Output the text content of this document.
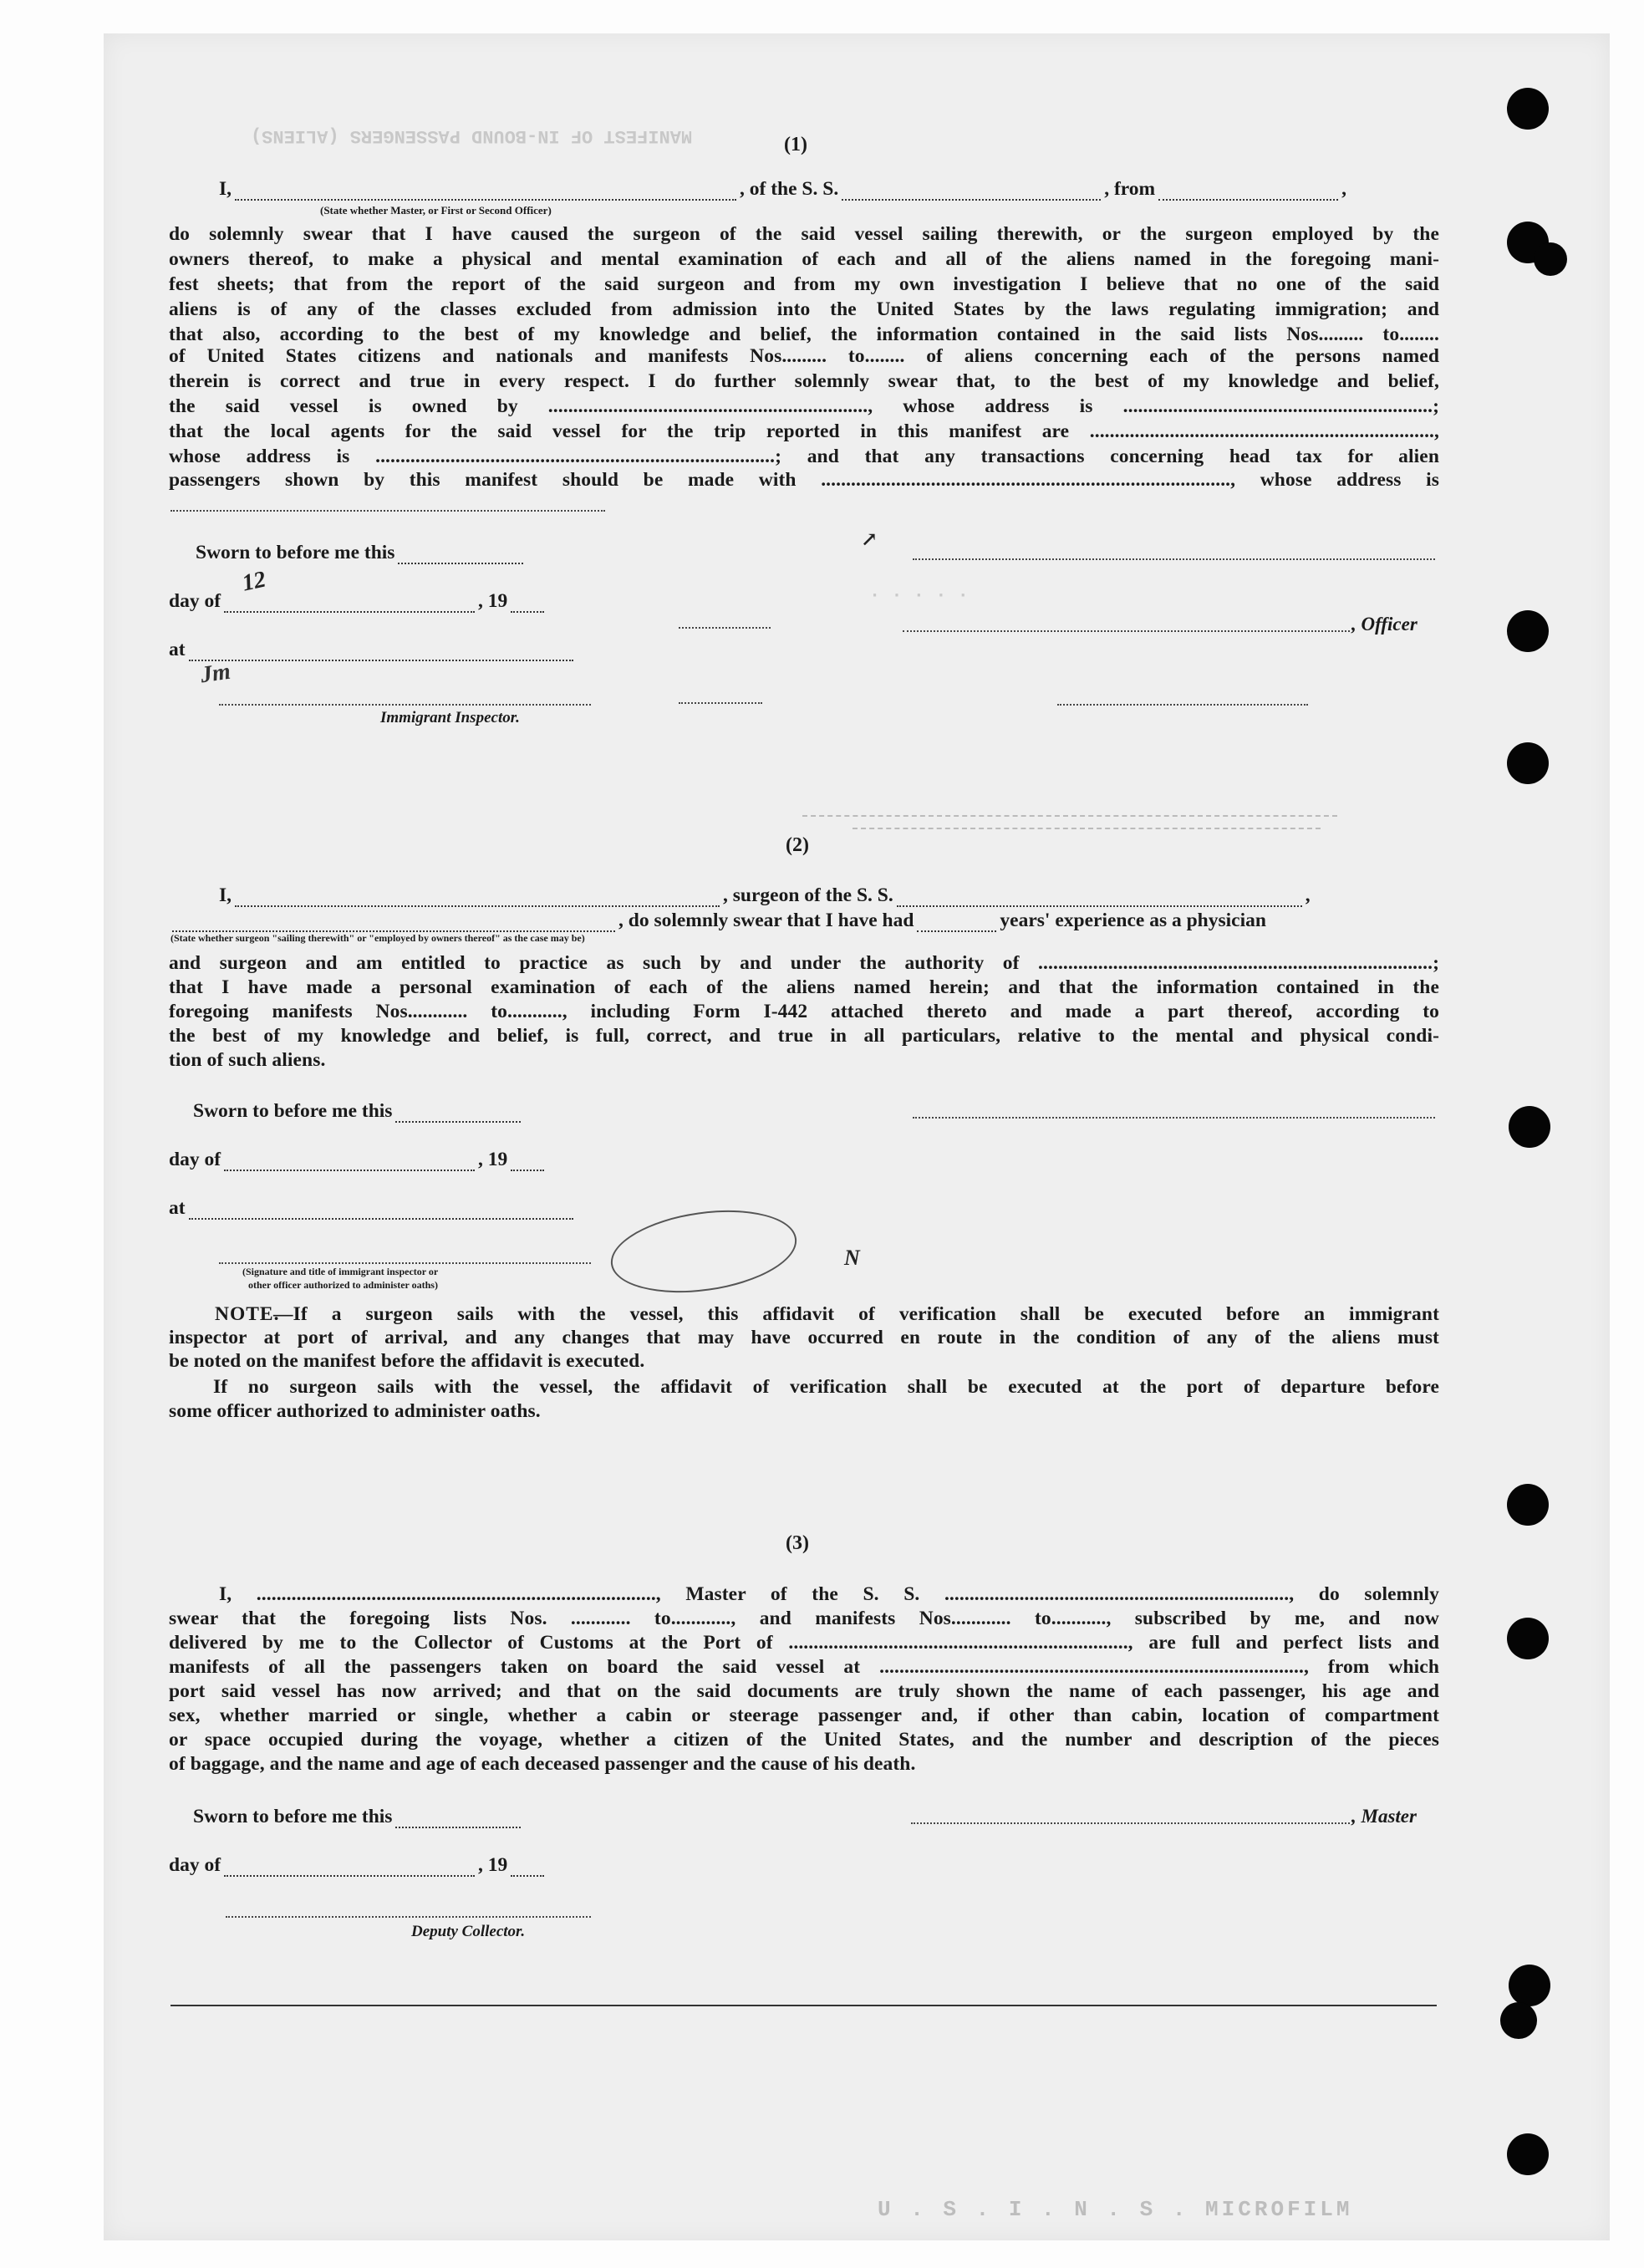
MANIFEST OF IN-BOUND PASSENGERS (ALIENS)
· · · · ·
(1)
I,	, of the S. S.	, from	,
(State whether Master, or First or Second Officer)
do solemnly swear that I have caused the surgeon of the said vessel sailing therewith, or the surgeon employed by the
owners thereof, to make a physical and mental examination of each and all of the aliens named in the foregoing mani-
fest sheets; that from the report of the said surgeon and from my own investigation I believe that no one of the said
aliens is of any of the classes excluded from admission into the United States by the laws regulating immigration; and
that also, according to the best of my knowledge and belief, the information contained in the said lists Nos......... to........
of United States citizens and nationals and manifests Nos......... to........ of aliens concerning each of the persons named
therein is correct and true in every respect. I do further solemnly swear that, to the best of my knowledge and belief,
the said vessel is owned by ................................................................, whose address is ..............................................................;
that the local agents for the said vessel for the trip reported in this manifest are .....................................................................,
whose address is ................................................................................; and that any transactions concerning head tax for alien
passengers shown by this manifest should be made with .................................................................................., whose address is
Sworn to before me this
day of	, 19
at
Immigrant Inspector.
, Officer
12
Jm
↗
(2)
I,	, surgeon of the S. S.	,
, do solemnly swear that I have had	years' experience as a physician
(State whether surgeon "sailing therewith" or "employed by owners thereof" as the case may be)
and surgeon and am entitled to practice as such by and under the authority of ...............................................................................;
that I have made a personal examination of each of the aliens named herein; and that the information contained in the
foregoing manifests Nos............ to..........., including Form I-442 attached thereto and made a part thereof, according to
the best of my knowledge and belief, is full, correct, and true in all particulars, relative to the mental and physical condi-
tion of such aliens.
Sworn to before me this
day of	, 19
at
(Signature and title of immigrant inspector or
other officer authorized to administer oaths)
N
NOTE.
—If a surgeon sails with the vessel, this affidavit of verification shall be executed before an immigrant
inspector at port of arrival, and any changes that may have occurred en route in the condition of any of the aliens must
be noted on the manifest before the affidavit is executed.
If no surgeon sails with the vessel, the affidavit of verification shall be executed at the port of departure before
some officer authorized to administer oaths.
(3)
I, ................................................................................, Master of the S. S. ....................................................................., do solemnly
swear that the foregoing lists Nos. ............ to............, and manifests Nos............ to..........., subscribed by me, and now
delivered by me to the Collector of Customs at the Port of ...................................................................., are full and perfect lists and
manifests of all the passengers taken on board the said vessel at ....................................................................................., from which
port said vessel has now arrived; and that on the said documents are truly shown the name of each passenger, his age and
sex, whether married or single, whether a cabin or steerage passenger and, if other than cabin, location of compartment
or space occupied during the voyage, whether a citizen of the United States, and the number and description of the pieces
of baggage, and the name and age of each deceased passenger and the cause of his death.
Sworn to before me this	, Master
day of	, 19
Deputy Collector.
U . S . I . N . S . MICROFILM
